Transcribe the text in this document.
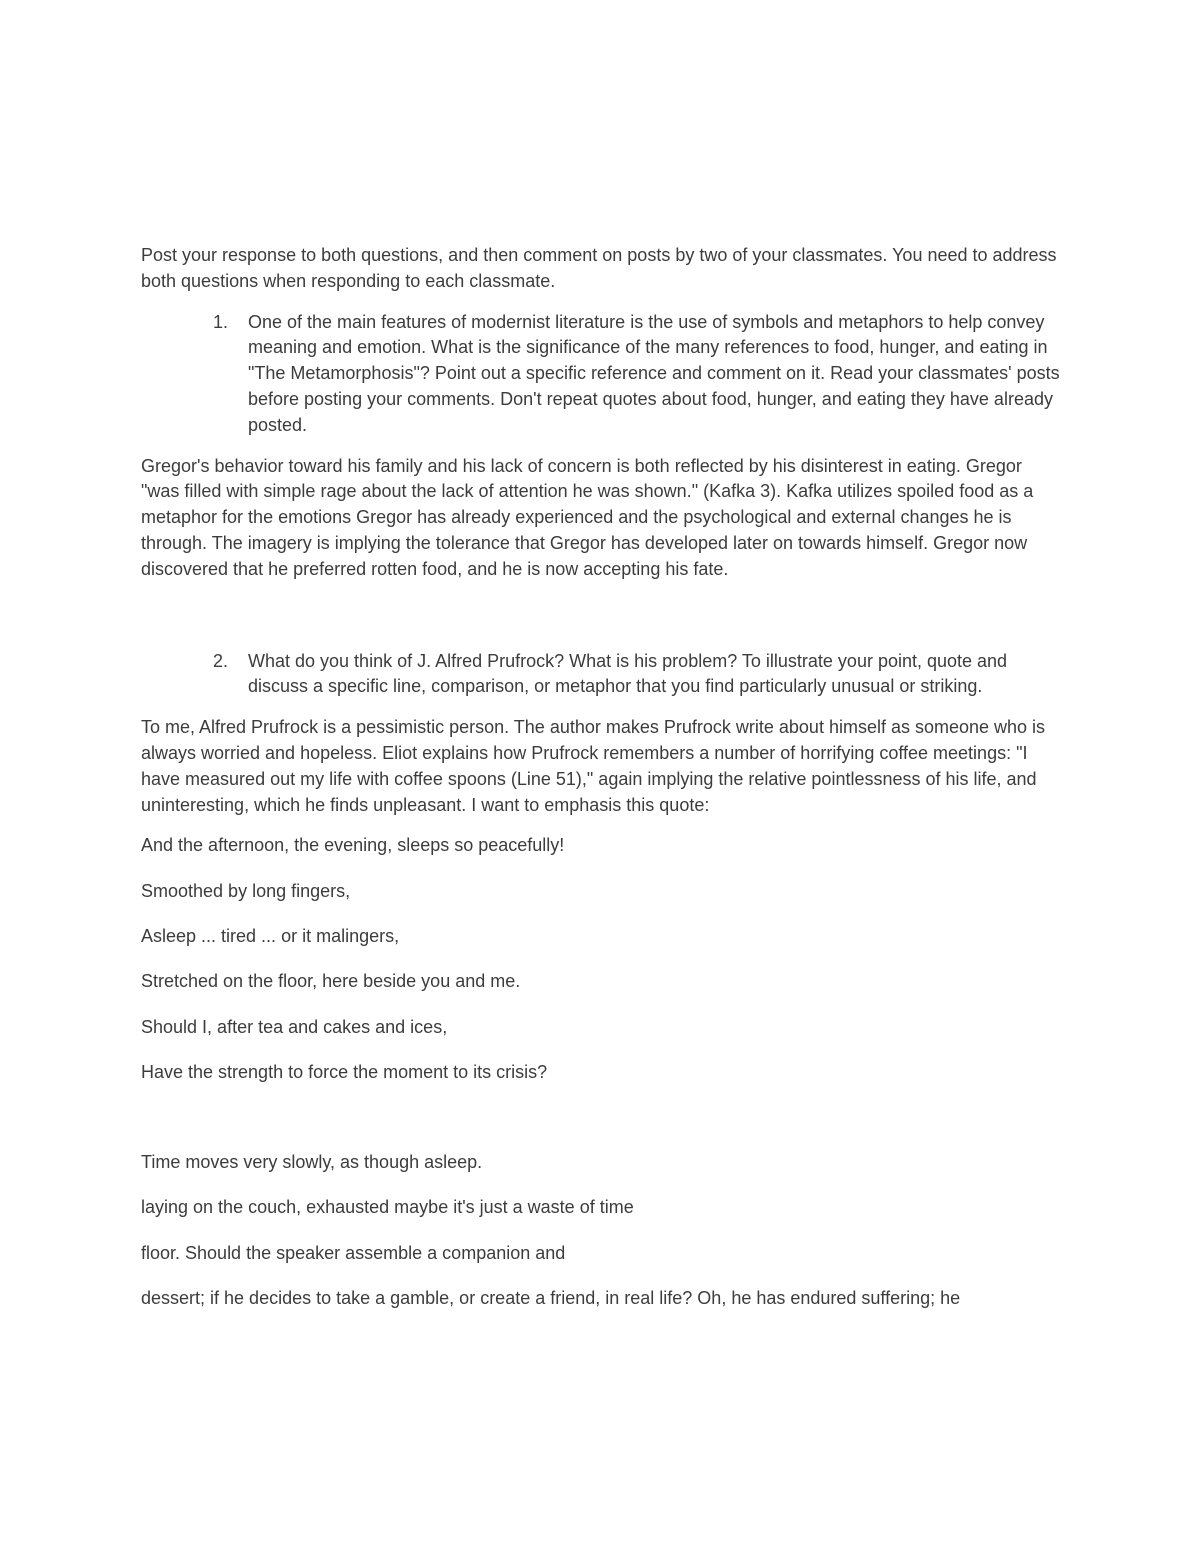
Post your response to both questions, and then comment on posts by two of your classmates. You need to address both questions when responding to each classmate.

1.	One of the main features of modernist literature is the use of symbols and metaphors to help convey meaning and emotion. What is the significance of the many references to food, hunger, and eating in "The Metamorphosis"? Point out a specific reference and comment on it. Read your classmates' posts before posting your comments. Don't repeat quotes about food, hunger, and eating they have already posted.

Gregor's behavior toward his family and his lack of concern is both reflected by his disinterest in eating. Gregor "was filled with simple rage about the lack of attention he was shown." (Kafka 3). Kafka utilizes spoiled food as a metaphor for the emotions Gregor has already experienced and the psychological and external changes he is through. The imagery is implying the tolerance that Gregor has developed later on towards himself. Gregor now discovered that he preferred rotten food, and he is now accepting his fate.

2.	What do you think of J. Alfred Prufrock? What is his problem? To illustrate your point, quote and discuss a specific line, comparison, or metaphor that you find particularly unusual or striking.

To me, Alfred Prufrock is a pessimistic person. The author makes Prufrock write about himself as someone who is always worried and hopeless. Eliot explains how Prufrock remembers a number of horrifying coffee meetings: "I have measured out my life with coffee spoons (Line 51)," again implying the relative pointlessness of his life, and uninteresting, which he finds unpleasant. I want to emphasis this quote:

And the afternoon, the evening, sleeps so peacefully!

Smoothed by long fingers,

Asleep ... tired ... or it malingers,

Stretched on the floor, here beside you and me.

Should I, after tea and cakes and ices,

Have the strength to force the moment to its crisis?

Time moves very slowly, as though asleep.

laying on the couch, exhausted maybe it's just a waste of time

floor. Should the speaker assemble a companion and

dessert; if he decides to take a gamble, or create a friend, in real life? Oh, he has endured suffering; he
